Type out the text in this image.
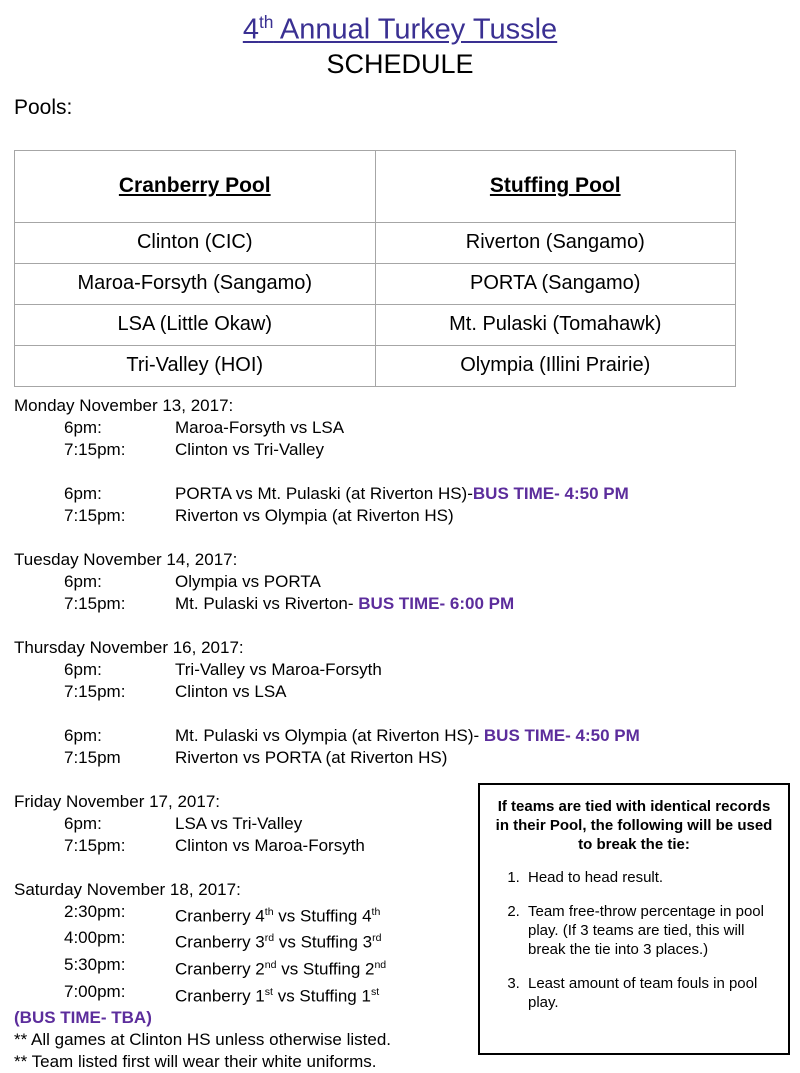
4th Annual Turkey Tussle
SCHEDULE
Pools:
Cranberry Pool	Stuffing Pool
Clinton (CIC)	Riverton (Sangamo)
Maroa-Forsyth (Sangamo)	PORTA (Sangamo)
LSA (Little Okaw)	Mt. Pulaski (Tomahawk)
Tri-Valley (HOI)	Olympia (Illini Prairie)
Monday November 13, 2017:
6pm:	Maroa-Forsyth vs LSA
7:15pm:	Clinton vs Tri-Valley
6pm:	PORTA vs Mt. Pulaski (at Riverton HS)-BUS TIME- 4:50 PM
7:15pm:	Riverton vs Olympia (at Riverton HS)
Tuesday November 14, 2017:
6pm:	Olympia vs PORTA
7:15pm:	Mt. Pulaski vs Riverton- BUS TIME- 6:00 PM
Thursday November 16, 2017:
6pm:	Tri-Valley vs Maroa-Forsyth
7:15pm:	Clinton vs LSA
6pm:	Mt. Pulaski vs Olympia (at Riverton HS)- BUS TIME- 4:50 PM
7:15pm	Riverton vs PORTA (at Riverton HS)
Friday November 17, 2017:
6pm:	LSA vs Tri-Valley
7:15pm:	Clinton vs Maroa-Forsyth
Saturday November 18, 2017:
2:30pm:	Cranberry 4th vs Stuffing 4th
4:00pm:	Cranberry 3rd vs Stuffing 3rd
5:30pm:	Cranberry 2nd vs Stuffing 2nd
7:00pm:	Cranberry 1st vs Stuffing 1st
(BUS TIME- TBA)
** All games at Clinton HS unless otherwise listed.
** Team listed first will wear their white uniforms.
If teams are tied with identical records in their Pool, the following will be used to break the tie:
1. Head to head result.
2. Team free-throw percentage in pool play. (If 3 teams are tied, this will break the tie into 3 places.)
3. Least amount of team fouls in pool play.
